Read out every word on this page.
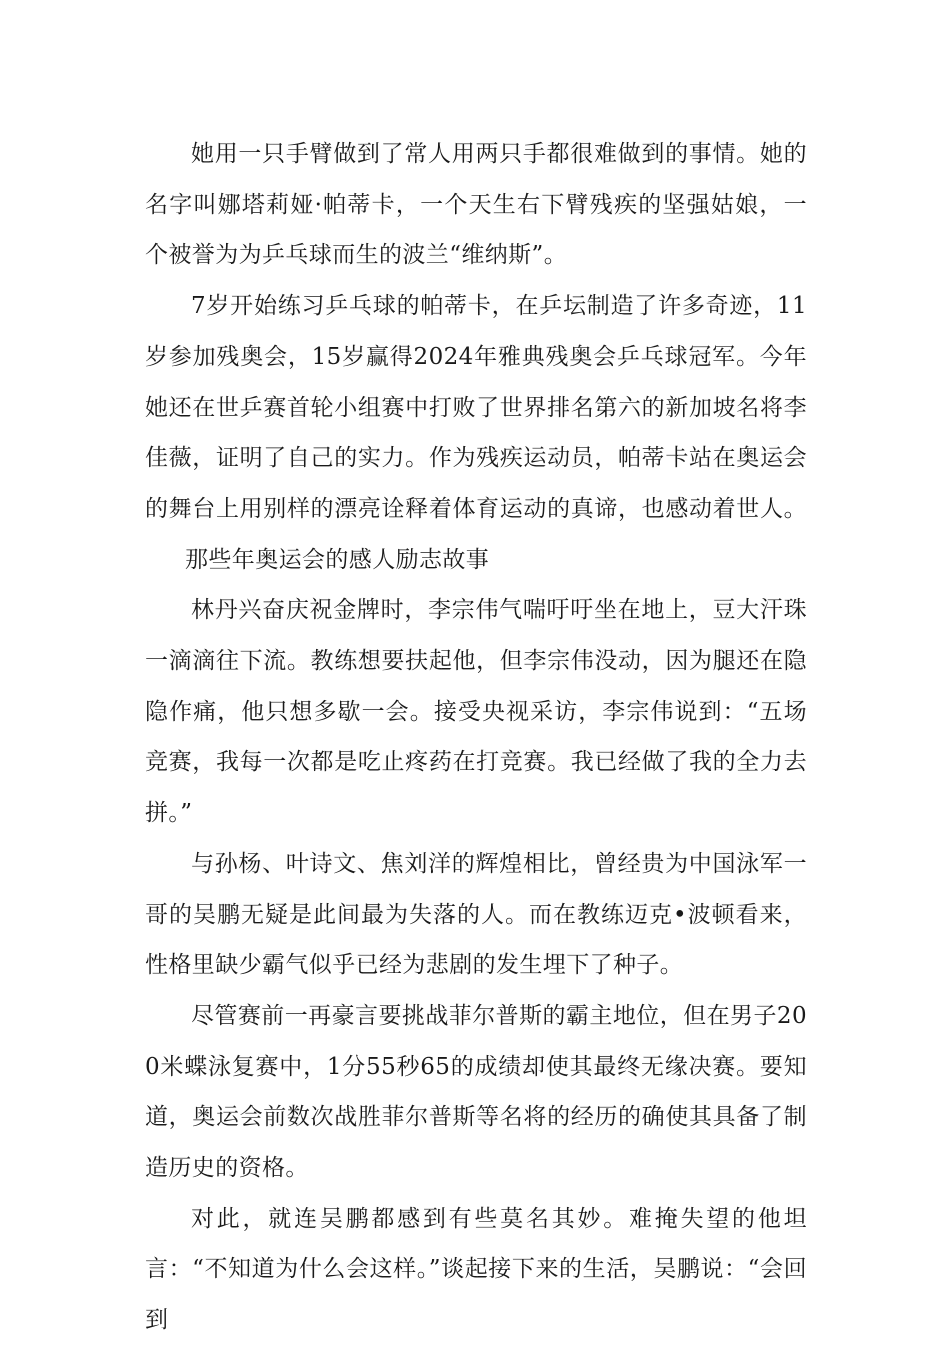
她用一只手臂做到了常人用两只手都很难做到的事情。她的名字叫娜塔莉娅·帕蒂卡，一个天生右下臂残疾的坚强姑娘，一个被誉为为乒乓球而生的波兰“维纳斯”。

7岁开始练习乒乓球的帕蒂卡，在乒坛制造了许多奇迹，11岁参加残奥会，15岁赢得2024年雅典残奥会乒乓球冠军。今年她还在世乒赛首轮小组赛中打败了世界排名第六的新加坡名将李佳薇，证明了自己的实力。作为残疾运动员，帕蒂卡站在奥运会的舞台上用别样的漂亮诠释着体育运动的真谛，也感动着世人。那些年奥运会的感人励志故事

林丹兴奋庆祝金牌时，李宗伟气喘吁吁坐在地上，豆大汗珠一滴滴往下流。教练想要扶起他，但李宗伟没动，因为腿还在隐隐作痛，他只想多歇一会。接受央视采访，李宗伟说到：“五场竞赛，我每一次都是吃止疼药在打竞赛。我已经做了我的全力去拼。”

与孙杨、叶诗文、焦刘洋的辉煌相比，曾经贵为中国泳军一哥的吴鹏无疑是此间最为失落的人。而在教练迈克•波顿看来，性格里缺少霸气似乎已经为悲剧的发生埋下了种子。

尽管赛前一再豪言要挑战菲尔普斯的霸主地位，但在男子200米蝶泳复赛中，1分55秒65的成绩却使其最终无缘决赛。要知道，奥运会前数次战胜菲尔普斯等名将的经历的确使其具备了制造历史的资格。

对此，就连吴鹏都感到有些莫名其妙。难掩失望的他坦言：“不知道为什么会这样。”谈起接下来的生活，吴鹏说：“会回到
